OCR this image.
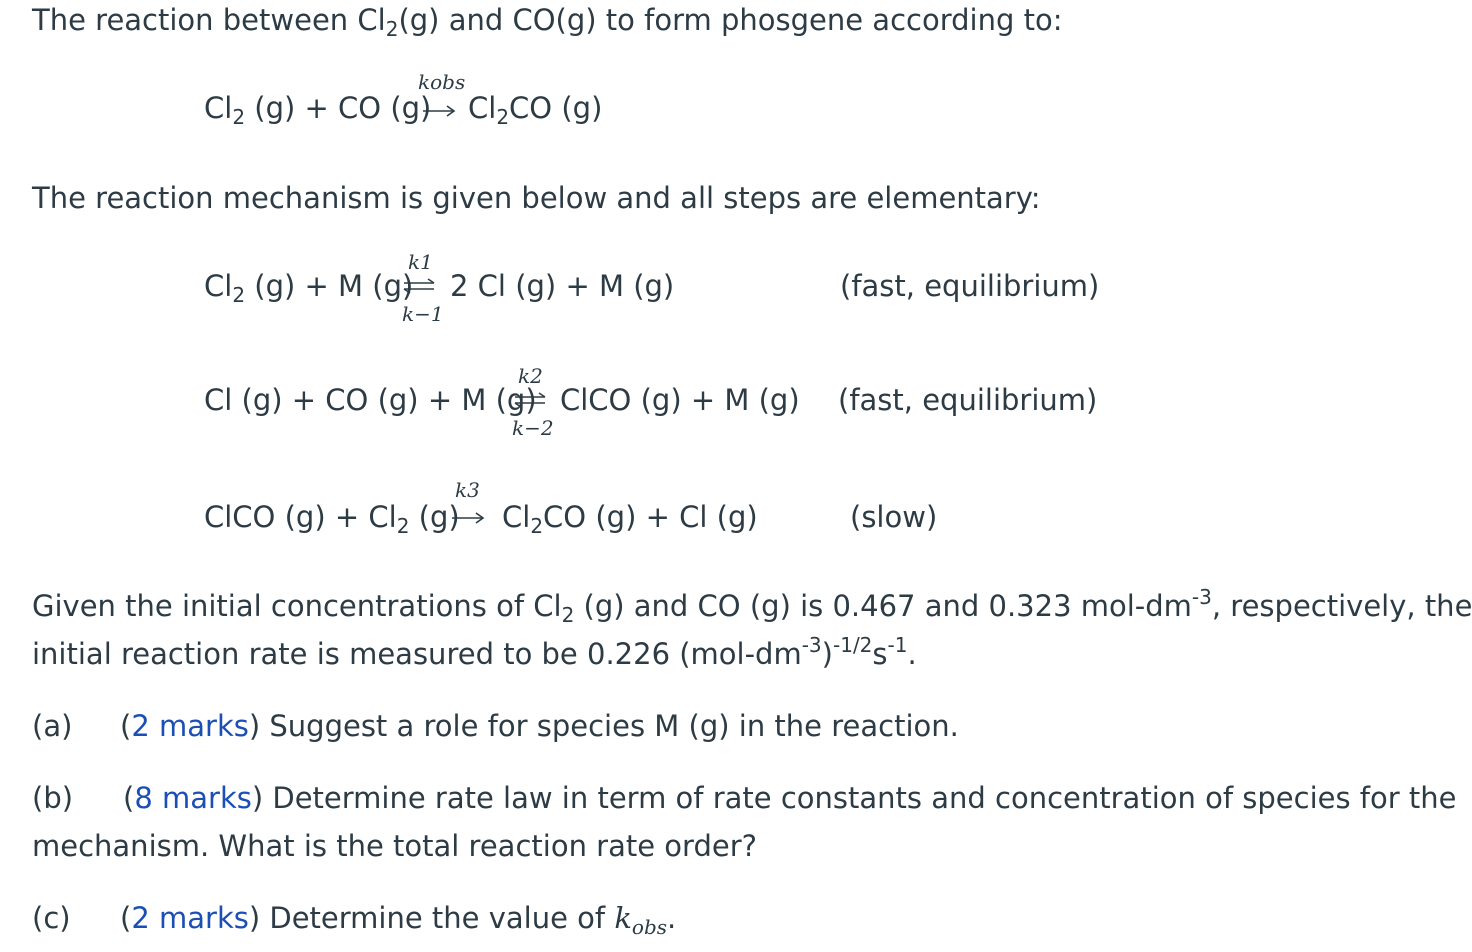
The reaction between $Cl_2(g)$ and CO(g) to form phosgene according to:
$Cl_2$ (g) + CO (g)
kobs
$Cl_2CO$ (g)
The reaction mechanism is given below and all steps are elementary:
$Cl_2$ (g) + M (g)
k1
k−1
2 Cl (g) + M (g)	(fast, equilibrium)
Cl (g) + CO (g) + M (g)
k2
k−2
ClCO (g) + M (g) (fast, equilibrium)
ClCO $(g) + Cl_2$ (g)
k3
$Cl_2CO$ (g) + Cl (g)	(slow)
Given the initial concentrations of $Cl_2$ (g) and CO (g) is 0.467 and 0.323 mol-$dm^{-3}$, respectively, the
initial reaction rate is measured to be 0.226 $(mol-dm^{-3})^{-1/2}s^{-1}$.
(a) (2 marks) Suggest a role for species M (g) in the reaction.
(b) (8 marks) Determine rate law in term of rate constants and concentration of species for the
mechanism. What is the total reaction rate order?
(c) (2 marks) Determine the value of $k_{obs}$.
